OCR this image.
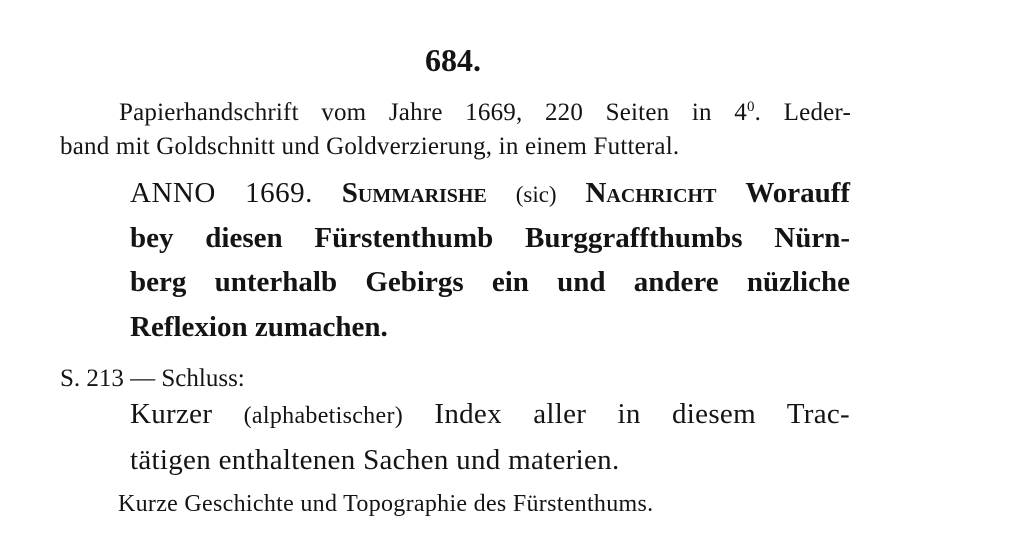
684.
Papierhandschrift vom Jahre 1669, 220 Seiten in $4^0$. Leder-
band mit Goldschnitt und Goldverzierung, in einem Futteral.
ANNO 1669. Summarishe (sic) Nachricht Worauff
bey diesen Fürstenthumb Burggraffthumbs Nürn-
berg unterhalb Gebirgs ein und andere nüzliche
Reflexion zumachen.
S. 213 — Schluss:
Kurzer (alphabetischer) Index aller in diesem Trac-
tätigen enthaltenen Sachen und materien.
Kurze Geschichte und Topographie des Fürstenthums.
